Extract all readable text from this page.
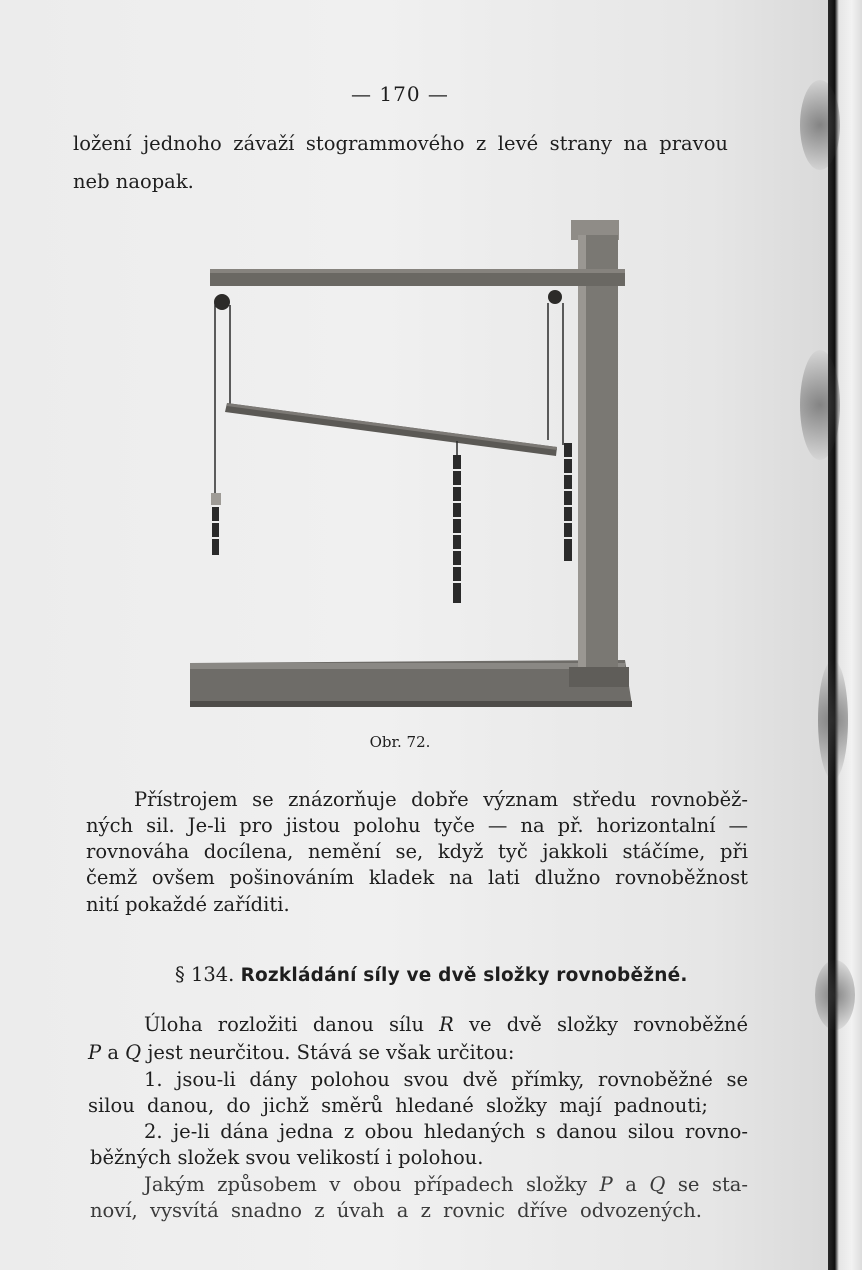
— 170 —
ložení jednoho závaží stogrammového z levé strany na pravou
neb naopak.
Obr. 72.
Přístrojem se znázorňuje dobře význam středu rovnoběž-
ných sil. Je-li pro jistou polohu tyče — na př. horizontalní —
rovnováha docílena, nemění se, když tyč jakkoli stáčíme, při
čemž ovšem pošinováním kladek na lati dlužno rovnoběžnost
nití pokaždé zaříditi.
§ 134. Rozkládání síly ve dvě složky rovnoběžné.
Úloha rozložiti danou sílu R ve dvě složky rovnoběžné
P a Q jest neurčitou. Stává se však určitou:
1. jsou-li dány polohou svou dvě přímky, rovnoběžné se
silou danou, do jichž směrů hledané složky mají padnouti;
2. je-li dána jedna z obou hledaných s danou silou rovno-
běžných složek svou velikostí i polohou.
Jakým způsobem v obou případech složky P a Q se sta-
noví, vysvítá snadno z úvah a z rovnic dříve odvozených.
